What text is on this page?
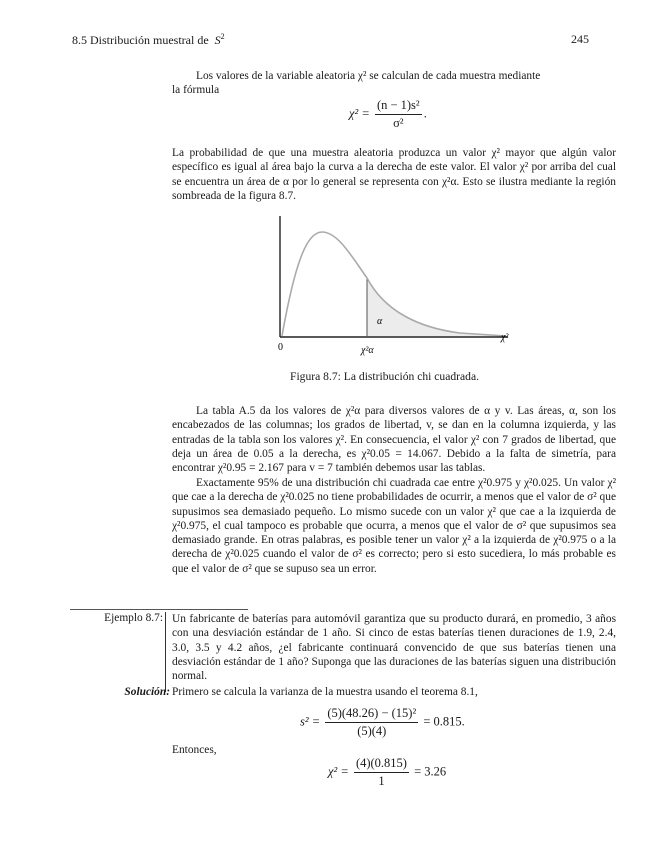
8.5 Distribución muestral de $S^2$	245
Los valores de la variable aleatoria χ² se calculan de cada muestra mediante
la fórmula
$\chi^2 = \frac{\text{(n − 1)s²}}{\text{σ²}}$ .

La probabilidad de que una muestra aleatoria produzca un valor χ² mayor que algún valor específico es igual al área bajo la curva a la derecha de este valor. El valor χ² por arriba del cual se encuentra un área de α por lo general se representa con χ²α. Esto se ilustra mediante la región sombreada de la figura 8.7.

0
α
χ²α
χ²
Figura 8.7: La distribución chi cuadrada.

La tabla A.5 da los valores de χ²α para diversos valores de α y v. Las áreas, α, son los encabezados de las columnas; los grados de libertad, v, se dan en la columna izquierda, y las entradas de la tabla son los valores χ². En consecuencia, el valor χ² con 7 grados de libertad, que deja un área de 0.05 a la derecha, es χ²0.05 = 14.067. Debido a la falta de simetría, para encontrar χ²0.95 = 2.167 para v = 7 también debemos usar las tablas.

Exactamente 95% de una distribución chi cuadrada cae entre χ²0.975 y χ²0.025. Un valor χ² que cae a la derecha de χ²0.025 no tiene probabilidades de ocurrir, a menos que el valor de σ² que supusimos sea demasiado pequeño. Lo mismo sucede con un valor χ² que cae a la izquierda de χ²0.975, el cual tampoco es probable que ocurra, a menos que el valor de σ² que supusimos sea demasiado grande. En otras palabras, es posible tener un valor χ² a la izquierda de χ²0.975 o a la derecha de χ²0.025 cuando el valor de σ² es correcto; pero si esto sucediera, lo más probable es que el valor de σ² que se supuso sea un error.

Ejemplo 8.7: Un fabricante de baterías para automóvil garantiza que su producto durará, en promedio, 3 años con una desviación estándar de 1 año. Si cinco de estas baterías tienen duraciones de 1.9, 2.4, 3.0, 3.5 y 4.2 años, ¿el fabricante continuará convencido de que sus baterías tienen una desviación estándar de 1 año? Suponga que las duraciones de las baterías siguen una distribución normal.

Solución: Primero se calcula la varianza de la muestra usando el teorema 8.1,
$s^2 = \frac{\text{(5)(48.26) − (15)²}}{(5)(4)} = 0.815$.
Entonces,
$\chi^2 = \frac{(4)(0.815)}{1} = 3.26$
